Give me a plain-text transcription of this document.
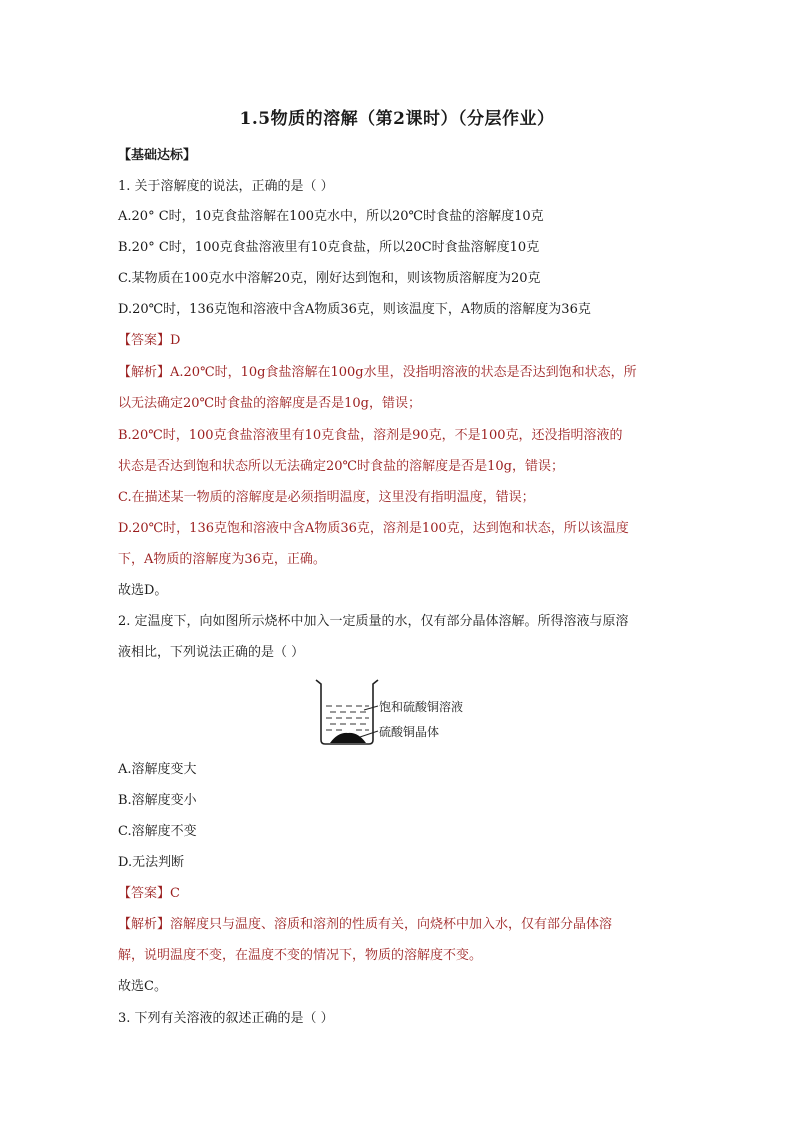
1.5物质的溶解（第2课时）（分层作业）
【基础达标】
1. 关于溶解度的说法，正确的是（ ）
A.20° C时，10克食盐溶解在100克水中，所以20℃时食盐的溶解度10克
B.20° C时，100克食盐溶液里有10克食盐，所以20C时食盐溶解度10克
C.某物质在100克水中溶解20克，刚好达到饱和，则该物质溶解度为20克
D.20℃时，136克饱和溶液中含A物质36克，则该温度下，A物质的溶解度为36克
【答案】D
【解析】A.20℃时，10g食盐溶解在100g水里，没指明溶液的状态是否达到饱和状态，所
以无法确定20℃时食盐的溶解度是否是10g，错误；
B.20℃时，100克食盐溶液里有10克食盐，溶剂是90克，不是100克，还没指明溶液的
状态是否达到饱和状态所以无法确定20℃时食盐的溶解度是否是10g，错误；
C.在描述某一物质的溶解度是必须指明温度，这里没有指明温度，错误；
D.20℃时，136克饱和溶液中含A物质36克，溶剂是100克，达到饱和状态，所以该温度
下，A物质的溶解度为36克，正确。
故选D。
2. 定温度下，向如图所示烧杯中加入一定质量的水，仅有部分晶体溶解。所得溶液与原溶
液相比，下列说法正确的是（ ）
饱和硫酸铜溶液
硫酸铜晶体
A.溶解度变大
B.溶解度变小
C.溶解度不变
D.无法判断
【答案】C
【解析】溶解度只与温度、溶质和溶剂的性质有关，向烧杯中加入水，仅有部分晶体溶
解，说明温度不变，在温度不变的情况下，物质的溶解度不变。
故选C。
3. 下列有关溶液的叙述正确的是（ ）
